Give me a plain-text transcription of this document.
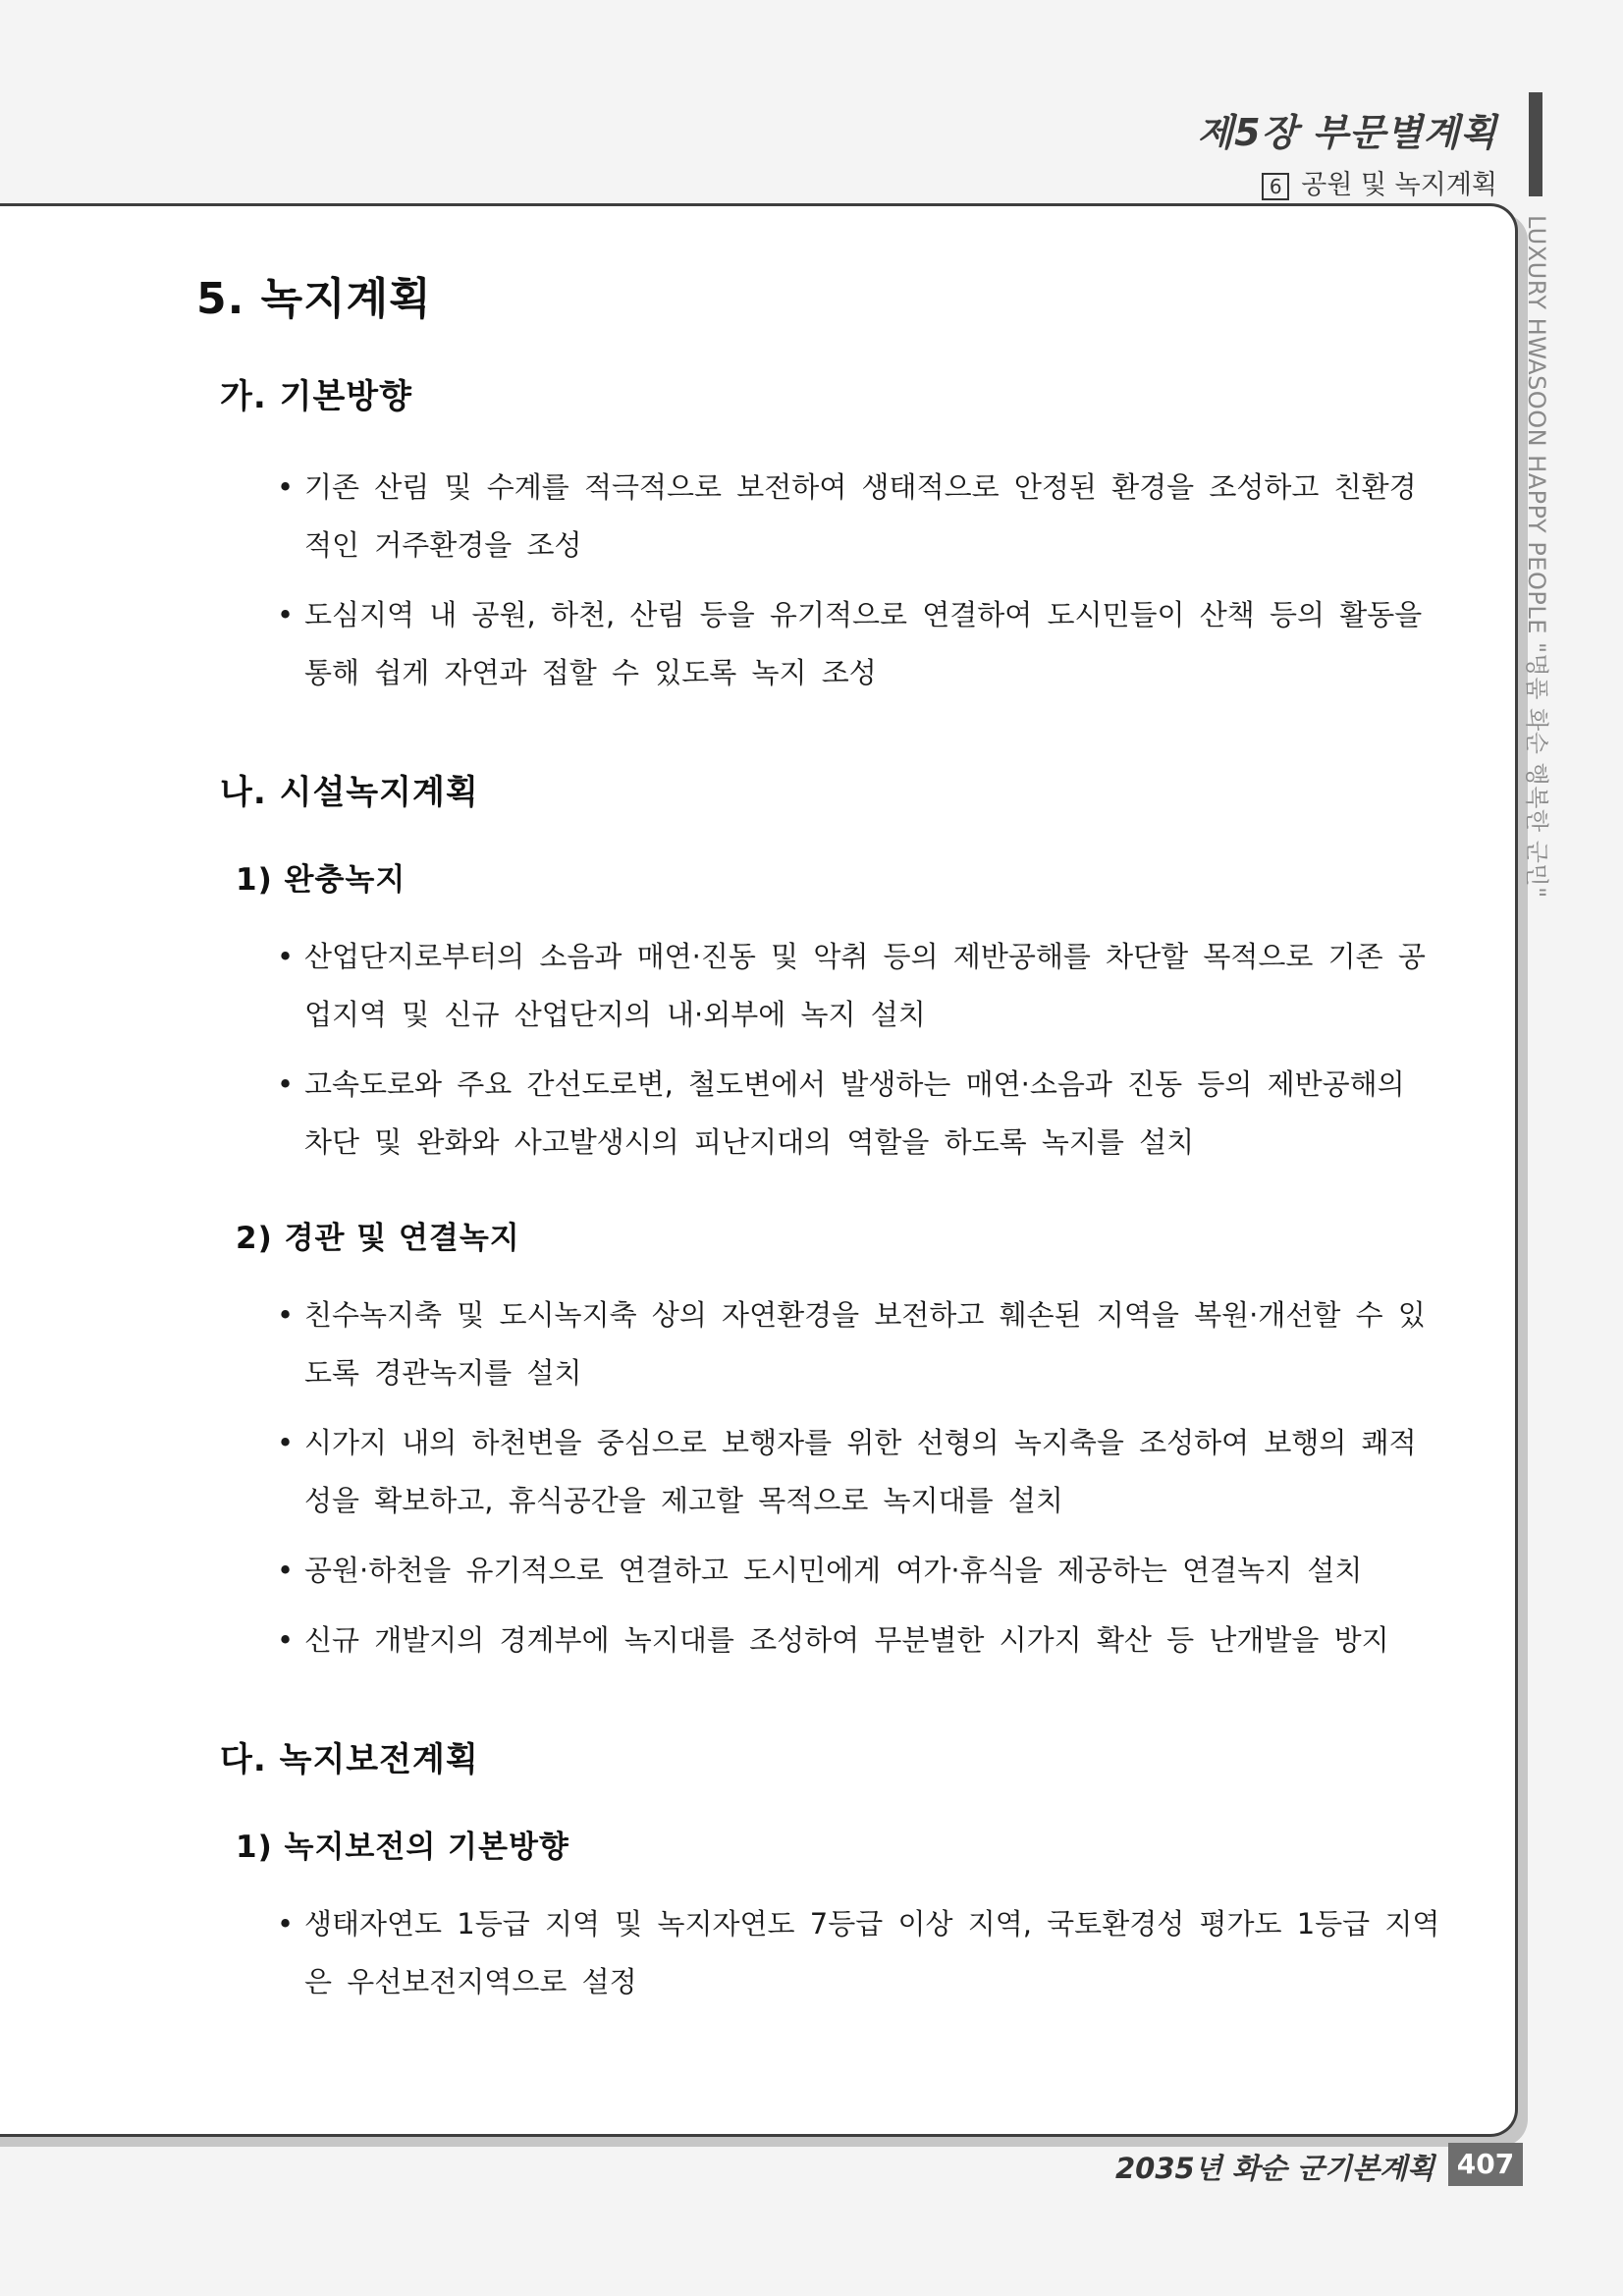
제5장 부문별계획
6 공원 및 녹지계획
LUXURY HWASOON HAPPY PEOPLE "명품 화순 행복한 군민"
5. 녹지계획
가. 기본방향
• 기존 산림 및 수계를 적극적으로 보전하여 생태적으로 안정된 환경을 조성하고 친환경적인 거주환경을 조성
• 도심지역 내 공원, 하천, 산림 등을 유기적으로 연결하여 도시민들이 산책 등의 활동을 통해 쉽게 자연과 접할 수 있도록 녹지 조성
나. 시설녹지계획
1) 완충녹지
• 산업단지로부터의 소음과 매연·진동 및 악취 등의 제반공해를 차단할 목적으로 기존 공업지역 및 신규 산업단지의 내·외부에 녹지 설치
• 고속도로와 주요 간선도로변, 철도변에서 발생하는 매연·소음과 진동 등의 제반공해의 차단 및 완화와 사고발생시의 피난지대의 역할을 하도록 녹지를 설치
2) 경관 및 연결녹지
• 친수녹지축 및 도시녹지축 상의 자연환경을 보전하고 훼손된 지역을 복원·개선할 수 있도록 경관녹지를 설치
• 시가지 내의 하천변을 중심으로 보행자를 위한 선형의 녹지축을 조성하여 보행의 쾌적성을 확보하고, 휴식공간을 제고할 목적으로 녹지대를 설치
• 공원·하천을 유기적으로 연결하고 도시민에게 여가·휴식을 제공하는 연결녹지 설치
• 신규 개발지의 경계부에 녹지대를 조성하여 무분별한 시가지 확산 등 난개발을 방지
다. 녹지보전계획
1) 녹지보전의 기본방향
• 생태자연도 1등급 지역 및 녹지자연도 7등급 이상 지역, 국토환경성 평가도 1등급 지역은 우선보전지역으로 설정
2035년 화순 군기본계획 407
